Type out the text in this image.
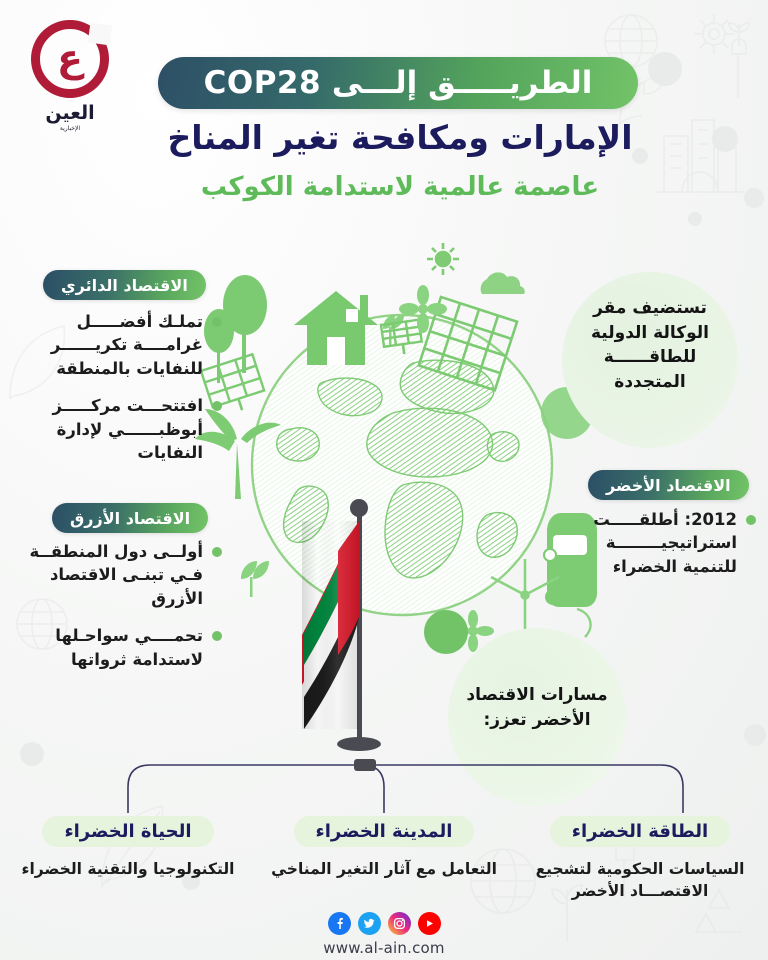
ع
العين
الإخبارية
الطريـــــق إلـــى COP28
الإمارات ومكافحة تغير المناخ
عاصمة عالمية لاستدامة الكوكب
تستضيف مقر الوكالة الدولية للطاقــــــة المتجددة
الاقتصاد الدائري
تملـك أفضـــــل غرامــــة تكريــــــر للنفايات بالمنطقة
افتتحـــت مركـــــز أبوظبــــــي لإدارة النفايات
الاقتصاد الأزرق
أولــى دول المنطقــة فـي تبنـى الاقتصاد الأزرق
تحمــــي سواحـلها لاستدامة ثرواتها
الاقتصاد الأخضر
2012: أطلقـــــت استراتيجيــــــــة للتنمية الخضراء
مسارات الاقتصاد الأخضر تعزز:
الحياة الخضراء
التكنولوجيا والتقنية الخضراء
المدينة الخضراء
التعامل مع آثار التغير المناخي
الطاقة الخضراء
السياسات الحكومية لتشجيع الاقتصـــاد الأخضر
www.al-ain.com
